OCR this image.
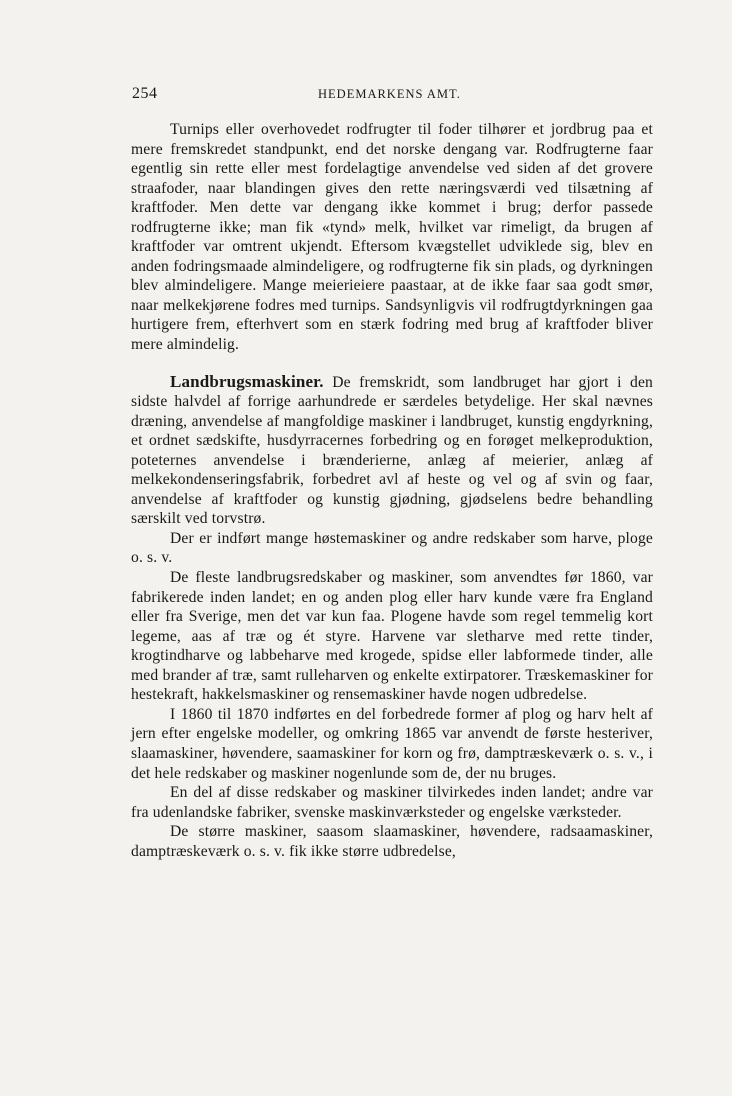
254	HEDEMARKENS AMT.

Turnips eller overhovedet rodfrugter til foder tilhører et jordbrug paa et mere fremskredet standpunkt, end det norske dengang var. Rodfrugterne faar egentlig sin rette eller mest fordelagtige anvendelse ved siden af det grovere straafoder, naar blandingen gives den rette næringsværdi ved tilsætning af kraftfoder. Men dette var dengang ikke kommet i brug; derfor passede rodfrugterne ikke; man fik «tynd» melk, hvilket var rimeligt, da brugen af kraftfoder var omtrent ukjendt. Eftersom kvægstellet udviklede sig, blev en anden fodringsmaade almindeligere, og rodfrugterne fik sin plads, og dyrkningen blev almindeligere. Mange meierieiere paastaar, at de ikke faar saa godt smør, naar melkekjørene fodres med turnips. Sandsynligvis vil rodfrugtdyrkningen gaa hurtigere frem, efterhvert som en stærk fodring med brug af kraftfoder bliver mere almindelig.

Landbrugsmaskiner. De fremskridt, som landbruget har gjort i den sidste halvdel af forrige aarhundrede er særdeles betydelige. Her skal nævnes dræning, anvendelse af mangfoldige maskiner i landbruget, kunstig engdyrkning, et ordnet sædskifte, husdyrracernes forbedring og en forøget melkeproduktion, poteternes anvendelse i brænderierne, anlæg af meierier, anlæg af melkekondenseringsfabrik, forbedret avl af heste og vel og af svin og faar, anvendelse af kraftfoder og kunstig gjødning, gjødselens bedre behandling særskilt ved torvstrø.

Der er indført mange høstemaskiner og andre redskaber som harve, ploge o. s. v.

De fleste landbrugsredskaber og maskiner, som anvendtes før 1860, var fabrikerede inden landet; en og anden plog eller harv kunde være fra England eller fra Sverige, men det var kun faa. Plogene havde som regel temmelig kort legeme, aas af træ og ét styre. Harvene var sletharve med rette tinder, krogtindharve og labbeharve med krogede, spidse eller labformede tinder, alle med brander af træ, samt rulleharven og enkelte extirpatorer. Træskemaskiner for hestekraft, hakkelsmaskiner og rensemaskiner havde nogen udbredelse.

I 1860 til 1870 indførtes en del forbedrede former af plog og harv helt af jern efter engelske modeller, og omkring 1865 var anvendt de første hesteriver, slaamaskiner, høvendere, saamaskiner for korn og frø, damptræskeværk o. s. v., i det hele redskaber og maskiner nogenlunde som de, der nu bruges.

En del af disse redskaber og maskiner tilvirkedes inden landet; andre var fra udenlandske fabriker, svenske maskinværksteder og engelske værksteder.

De større maskiner, saasom slaamaskiner, høvendere, radsaamaskiner, damptræskeværk o. s. v. fik ikke større udbredelse,
